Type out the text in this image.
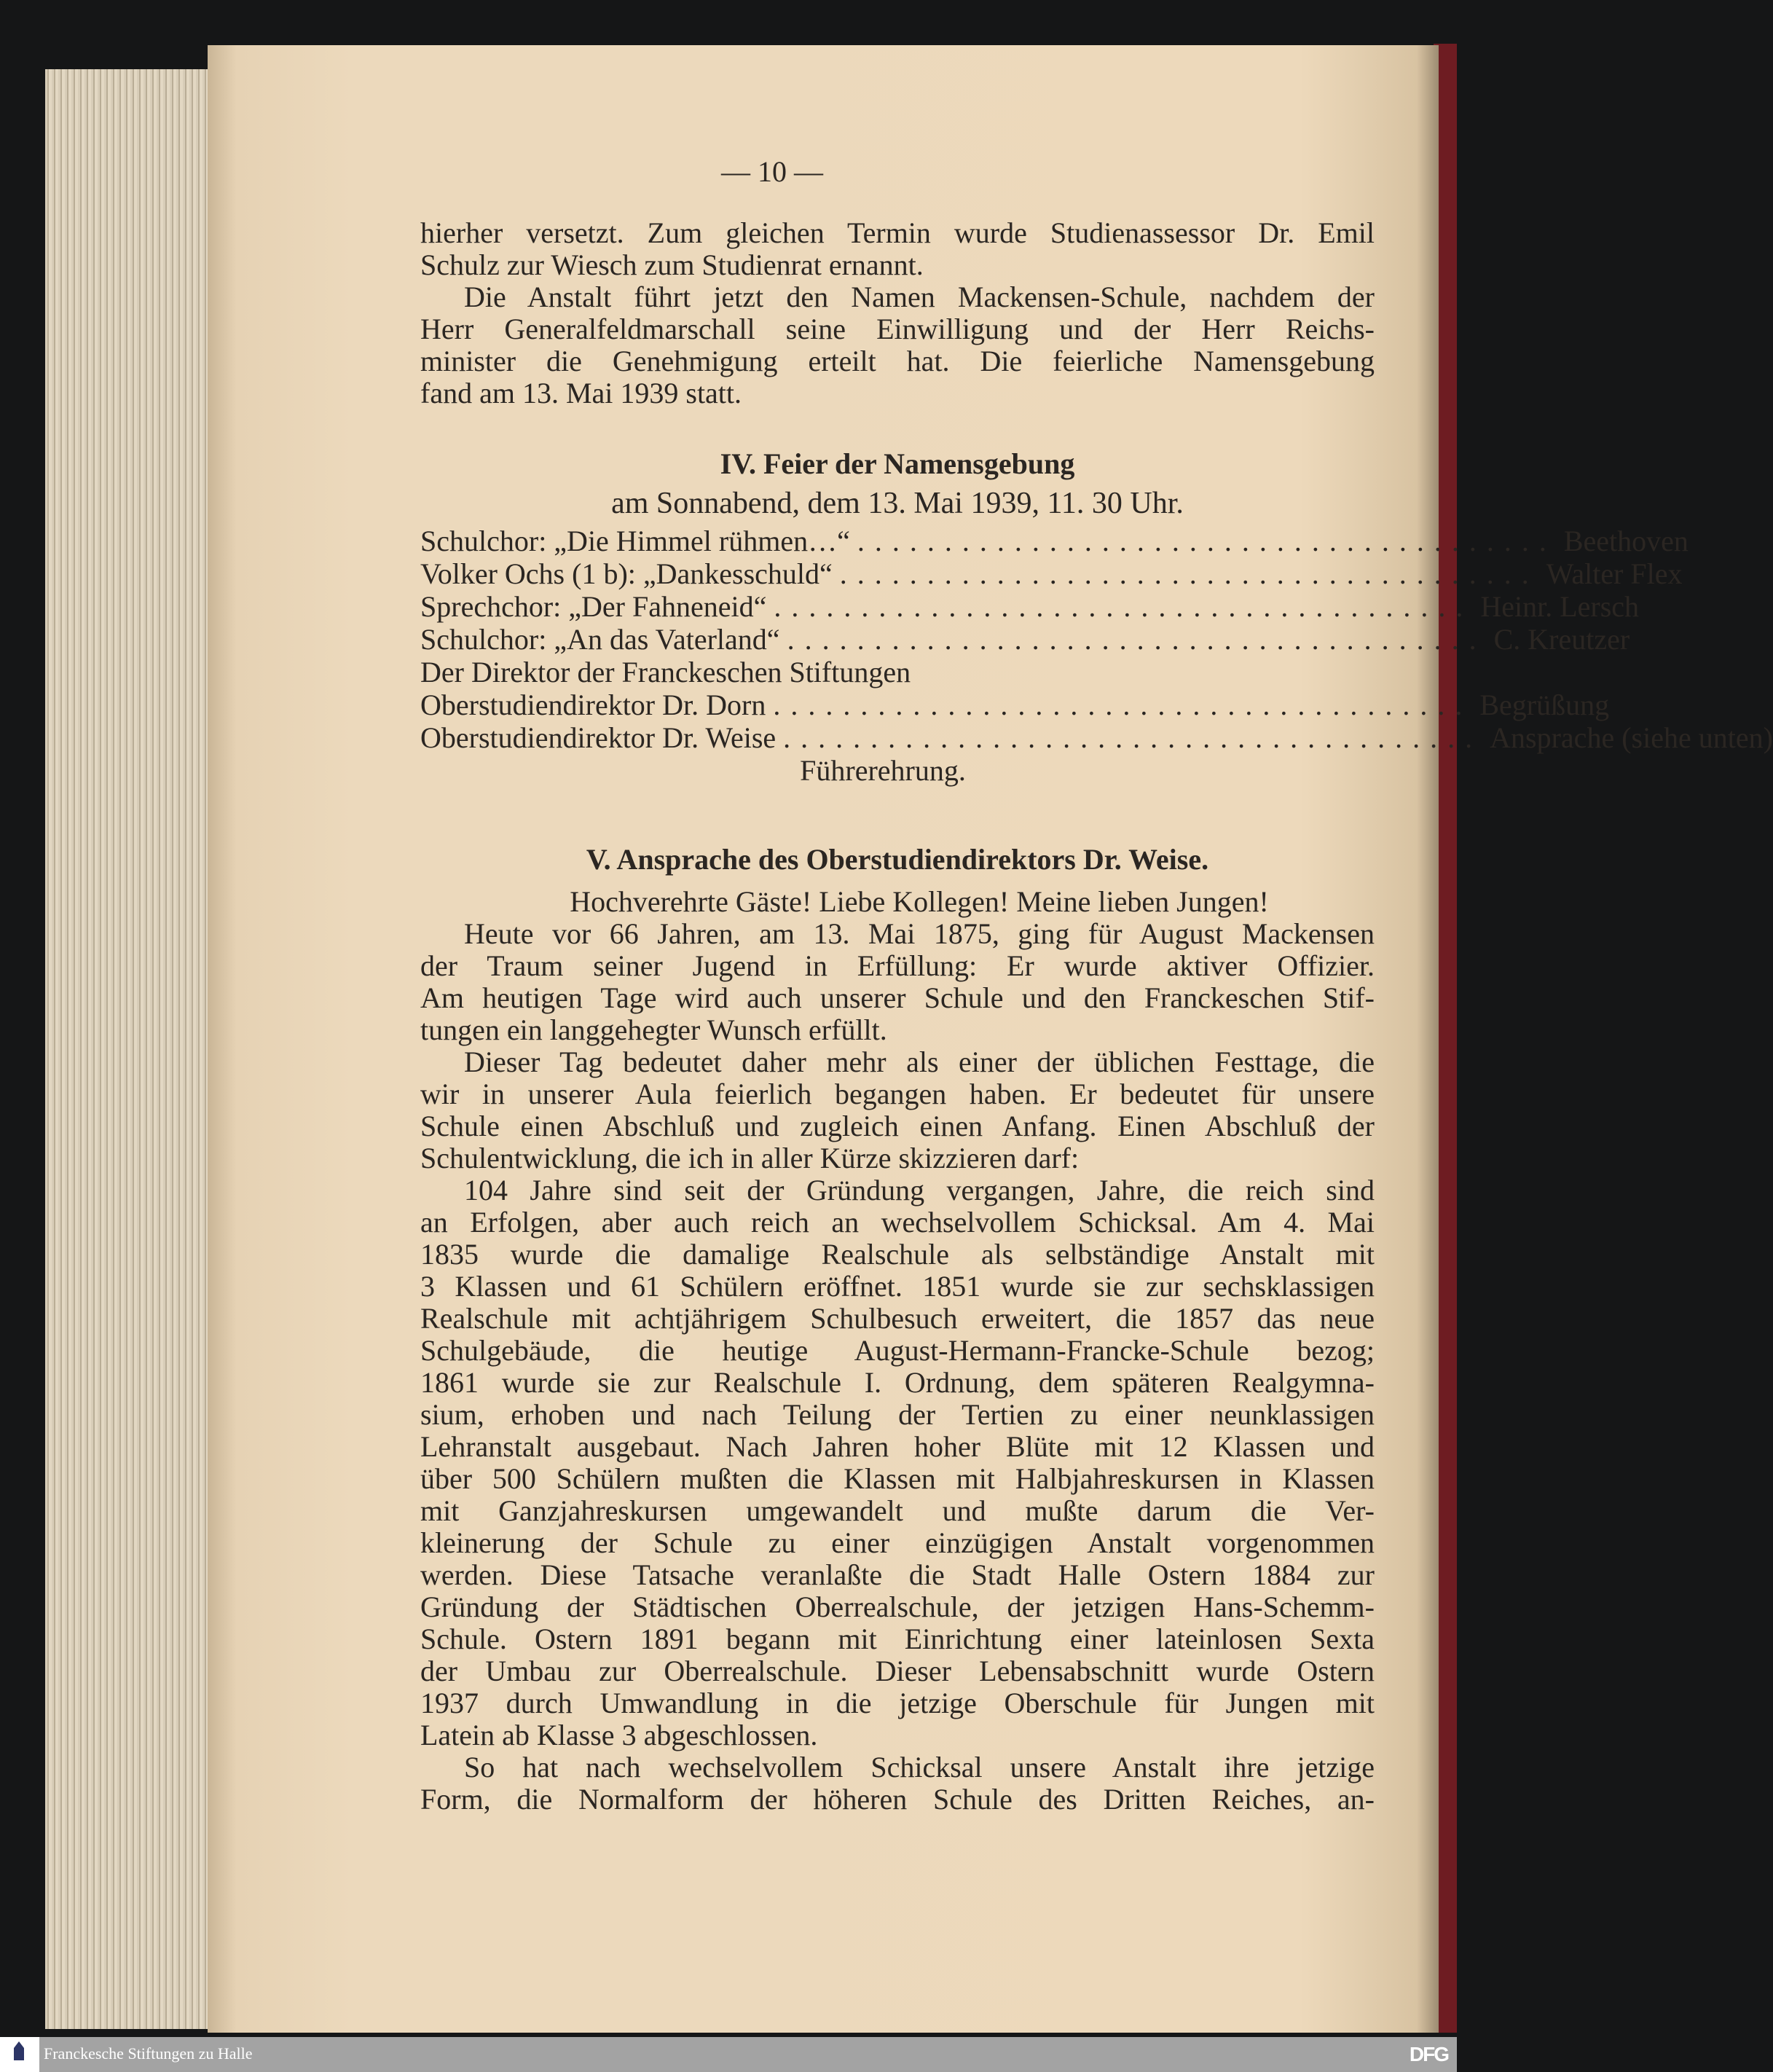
— 10 —
hierher versetzt. Zum gleichen Termin wurde Studienassessor Dr. Emil
Schulz zur Wiesch zum Studienrat ernannt.
Die Anstalt führt jetzt den Namen Mackensen-Schule, nachdem der
Herr Generalfeldmarschall seine Einwilligung und der Herr Reichs-
minister die Genehmigung erteilt hat. Die feierliche Namensgebung
fand am 13. Mai 1939 statt.
IV. Feier der Namensgebung
am Sonnabend, dem 13. Mai 1939, 11. 30 Uhr.
Schulchor: „Die Himmel rühmen…“ ........................................ Beethoven
Volker Ochs (1 b): „Dankesschuld“ ........................................ Walter Flex
Sprechchor: „Der Fahneneid“ ........................................ Heinr. Lersch
Schulchor: „An das Vaterland“ ........................................ C. Kreutzer
Der Direktor der Franckeschen Stiftungen
Oberstudiendirektor Dr. Dorn ........................................ Begrüßung
Oberstudiendirektor Dr. Weise ........................................ Ansprache (siehe unten)
Führerehrung.
V. Ansprache des Oberstudiendirektors Dr. Weise.
Hochverehrte Gäste! Liebe Kollegen! Meine lieben Jungen!
Heute vor 66 Jahren, am 13. Mai 1875, ging für August Mackensen
der Traum seiner Jugend in Erfüllung: Er wurde aktiver Offizier.
Am heutigen Tage wird auch unserer Schule und den Franckeschen Stif-
tungen ein langgehegter Wunsch erfüllt.
Dieser Tag bedeutet daher mehr als einer der üblichen Festtage, die
wir in unserer Aula feierlich begangen haben. Er bedeutet für unsere
Schule einen Abschluß und zugleich einen Anfang. Einen Abschluß der
Schulentwicklung, die ich in aller Kürze skizzieren darf:
104 Jahre sind seit der Gründung vergangen, Jahre, die reich sind
an Erfolgen, aber auch reich an wechselvollem Schicksal. Am 4. Mai
1835 wurde die damalige Realschule als selbständige Anstalt mit
3 Klassen und 61 Schülern eröffnet. 1851 wurde sie zur sechsklassigen
Realschule mit achtjährigem Schulbesuch erweitert, die 1857 das neue
Schulgebäude, die heutige August-Hermann-Francke-Schule bezog;
1861 wurde sie zur Realschule I. Ordnung, dem späteren Realgymna-
sium, erhoben und nach Teilung der Tertien zu einer neunklassigen
Lehranstalt ausgebaut. Nach Jahren hoher Blüte mit 12 Klassen und
über 500 Schülern mußten die Klassen mit Halbjahreskursen in Klassen
mit Ganzjahreskursen umgewandelt und mußte darum die Ver-
kleinerung der Schule zu einer einzügigen Anstalt vorgenommen
werden. Diese Tatsache veranlaßte die Stadt Halle Ostern 1884 zur
Gründung der Städtischen Oberrealschule, der jetzigen Hans-Schemm-
Schule. Ostern 1891 begann mit Einrichtung einer lateinlosen Sexta
der Umbau zur Oberrealschule. Dieser Lebensabschnitt wurde Ostern
1937 durch Umwandlung in die jetzige Oberschule für Jungen mit
Latein ab Klasse 3 abgeschlossen.
So hat nach wechselvollem Schicksal unsere Anstalt ihre jetzige
Form, die Normalform der höheren Schule des Dritten Reiches, an-
Franckesche Stiftungen zu Halle	DFG
